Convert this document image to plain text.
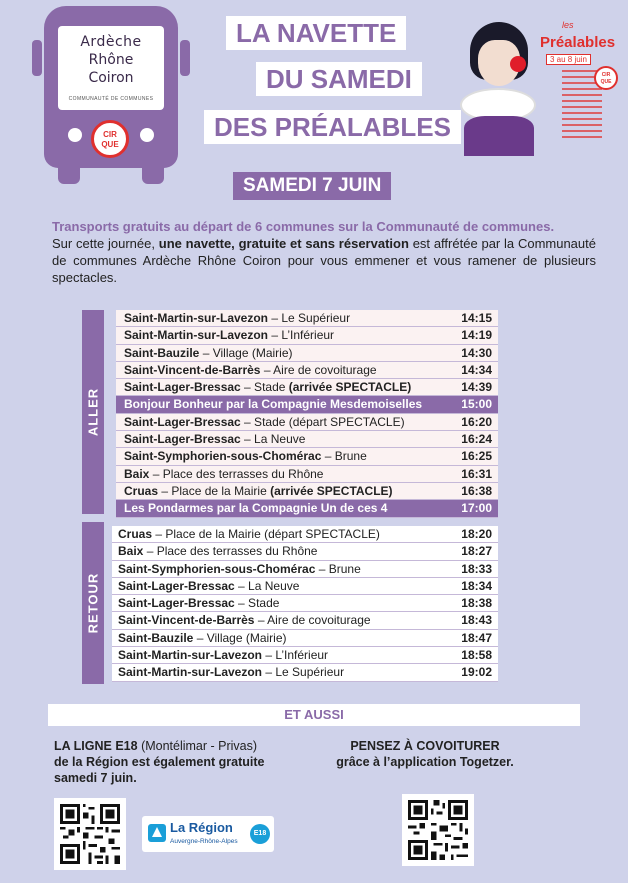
Ardèche
Rhône
Coiron
COMMUNAUTÉ DE COMMUNES
CIR QUE
LA NAVETTE
DU SAMEDI
DES PRÉALABLES
SAMEDI 7 JUIN
les
Préalables
3 au 8 juin
CIR QUE
Transports gratuits au départ de 6 communes sur la Communauté de communes.

Sur cette journée, une navette, gratuite et sans réservation est affrétée par la Communauté de communes Ardèche Rhône Coiron pour vous emmener et vous ramener de plusieurs spectacles.

ALLER
Saint-Martin-sur-Lavezon – Le Supérieur	14:15
Saint-Martin-sur-Lavezon – L’Inférieur	14:19
Saint-Bauzile – Village (Mairie)	14:30
Saint-Vincent-de-Barrès – Aire de covoiturage	14:34
Saint-Lager-Bressac – Stade (arrivée SPECTACLE)	14:39
Bonjour Bonheur par la Compagnie Mesdemoiselles	15:00
Saint-Lager-Bressac – Stade (départ SPECTACLE)	16:20
Saint-Lager-Bressac – La Neuve	16:24
Saint-Symphorien-sous-Chomérac – Brune	16:25
Baix – Place des terrasses du Rhône	16:31
Cruas – Place de la Mairie (arrivée SPECTACLE)	16:38
Les Pondarmes par la Compagnie Un de ces 4	17:00
RETOUR
Cruas – Place de la Mairie (départ SPECTACLE)	18:20
Baix – Place des terrasses du Rhône	18:27
Saint-Symphorien-sous-Chomérac – Brune	18:33
Saint-Lager-Bressac – La Neuve	18:34
Saint-Lager-Bressac – Stade	18:38
Saint-Vincent-de-Barrès – Aire de covoiturage	18:43
Saint-Bauzile – Village (Mairie)	18:47
Saint-Martin-sur-Lavezon – L’Inférieur	18:58
Saint-Martin-sur-Lavezon – Le Supérieur	19:02
ET AUSSI
LA LIGNE E18 (Montélimar - Privas)
de la Région est également gratuite samedi 7 juin.
PENSEZ À COVOITURER
grâce à l’application Togetzer.
La Région
Auvergne-Rhône-Alpes
E18
